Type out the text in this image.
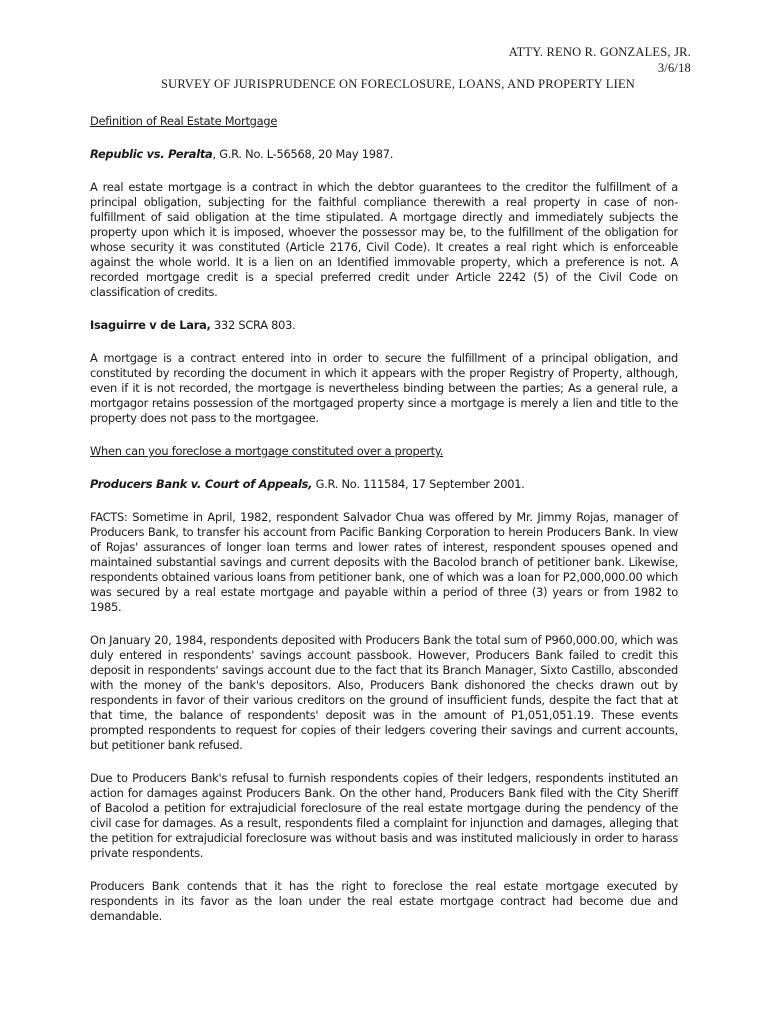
ATTY. RENO R. GONZALES, JR.
3/6/18
SURVEY OF JURISPRUDENCE ON FORECLOSURE, LOANS, AND PROPERTY LIEN

Definition of Real Estate Mortgage

Republic vs. Peralta, G.R. No. L-56568, 20 May 1987.

A real estate mortgage is a contract in which the debtor guarantees to the creditor the fulfillment of a principal obligation, subjecting for the faithful compliance therewith a real property in case of non-fulfillment of said obligation at the time stipulated. A mortgage directly and immediately subjects the property upon which it is imposed, whoever the possessor may be, to the fulfillment of the obligation for whose security it was constituted (Article 2176, Civil Code). It creates a real right which is enforceable against the whole world. It is a lien on an Identified immovable property, which a preference is not. A recorded mortgage credit is a special preferred credit under Article 2242 (5) of the Civil Code on classification of credits.

Isaguirre v de Lara, 332 SCRA 803.

A mortgage is a contract entered into in order to secure the fulfillment of a principal obligation, and constituted by recording the document in which it appears with the proper Registry of Property, although, even if it is not recorded, the mortgage is nevertheless binding between the parties; As a general rule, a mortgagor retains possession of the mortgaged property since a mortgage is merely a lien and title to the property does not pass to the mortgagee.

When can you foreclose a mortgage constituted over a property.

Producers Bank v. Court of Appeals, G.R. No. 111584, 17 September 2001.

FACTS: Sometime in April, 1982, respondent Salvador Chua was offered by Mr. Jimmy Rojas, manager of Producers Bank, to transfer his account from Pacific Banking Corporation to herein Producers Bank. In view of Rojas' assurances of longer loan terms and lower rates of interest, respondent spouses opened and maintained substantial savings and current deposits with the Bacolod branch of petitioner bank. Likewise, respondents obtained various loans from petitioner bank, one of which was a loan for P2,000,000.00 which was secured by a real estate mortgage and payable within a period of three (3) years or from 1982 to 1985.

On January 20, 1984, respondents deposited with Producers Bank the total sum of P960,000.00, which was duly entered in respondents' savings account passbook. However, Producers Bank failed to credit this deposit in respondents' savings account due to the fact that its Branch Manager, Sixto Castillo, absconded with the money of the bank's depositors. Also, Producers Bank dishonored the checks drawn out by respondents in favor of their various creditors on the ground of insufficient funds, despite the fact that at that time, the balance of respondents' deposit was in the amount of P1,051,051.19. These events prompted respondents to request for copies of their ledgers covering their savings and current accounts, but petitioner bank refused.

Due to Producers Bank's refusal to furnish respondents copies of their ledgers, respondents instituted an action for damages against Producers Bank. On the other hand, Producers Bank filed with the City Sheriff of Bacolod a petition for extrajudicial foreclosure of the real estate mortgage during the pendency of the civil case for damages. As a result, respondents filed a complaint for injunction and damages, alleging that the petition for extrajudicial foreclosure was without basis and was instituted maliciously in order to harass private respondents.

Producers Bank contends that it has the right to foreclose the real estate mortgage executed by respondents in its favor as the loan under the real estate mortgage contract had become due and demandable.
